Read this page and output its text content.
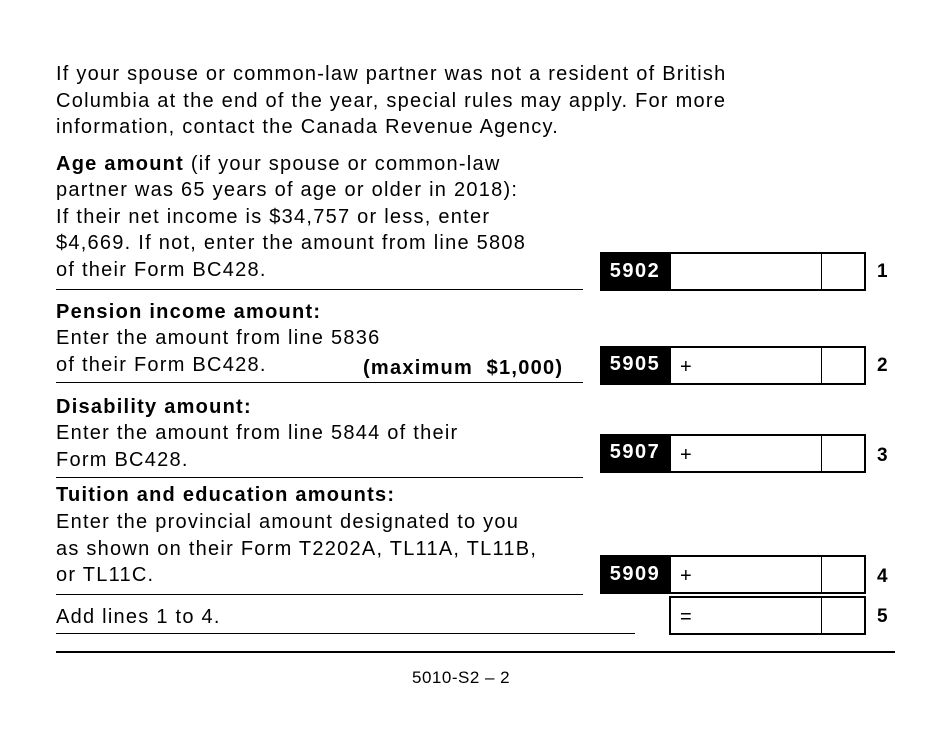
If your spouse or common-law partner was not a resident of British
Columbia at the end of the year, special rules may apply. For more
information, contact the Canada Revenue Agency.
Age amount (if your spouse or common-law
partner was 65 years of age or older in 2018):
If their net income is $34,757 or less, enter
$4,669. If not, enter the amount from line 5808
of their Form BC428.	5902	1
Pension income amount:
Enter the amount from line 5836
of their Form BC428.	(maximum  $1,000)	5905 +	2
Disability amount:
Enter the amount from line 5844 of their
Form BC428.	5907 +	3
Tuition and education amounts:
Enter the provincial amount designated to you
as shown on their Form T2202A, TL11A, TL11B,
or TL11C.	5909 +	4
Add lines 1 to 4.	=	5
5010-S2 – 2
